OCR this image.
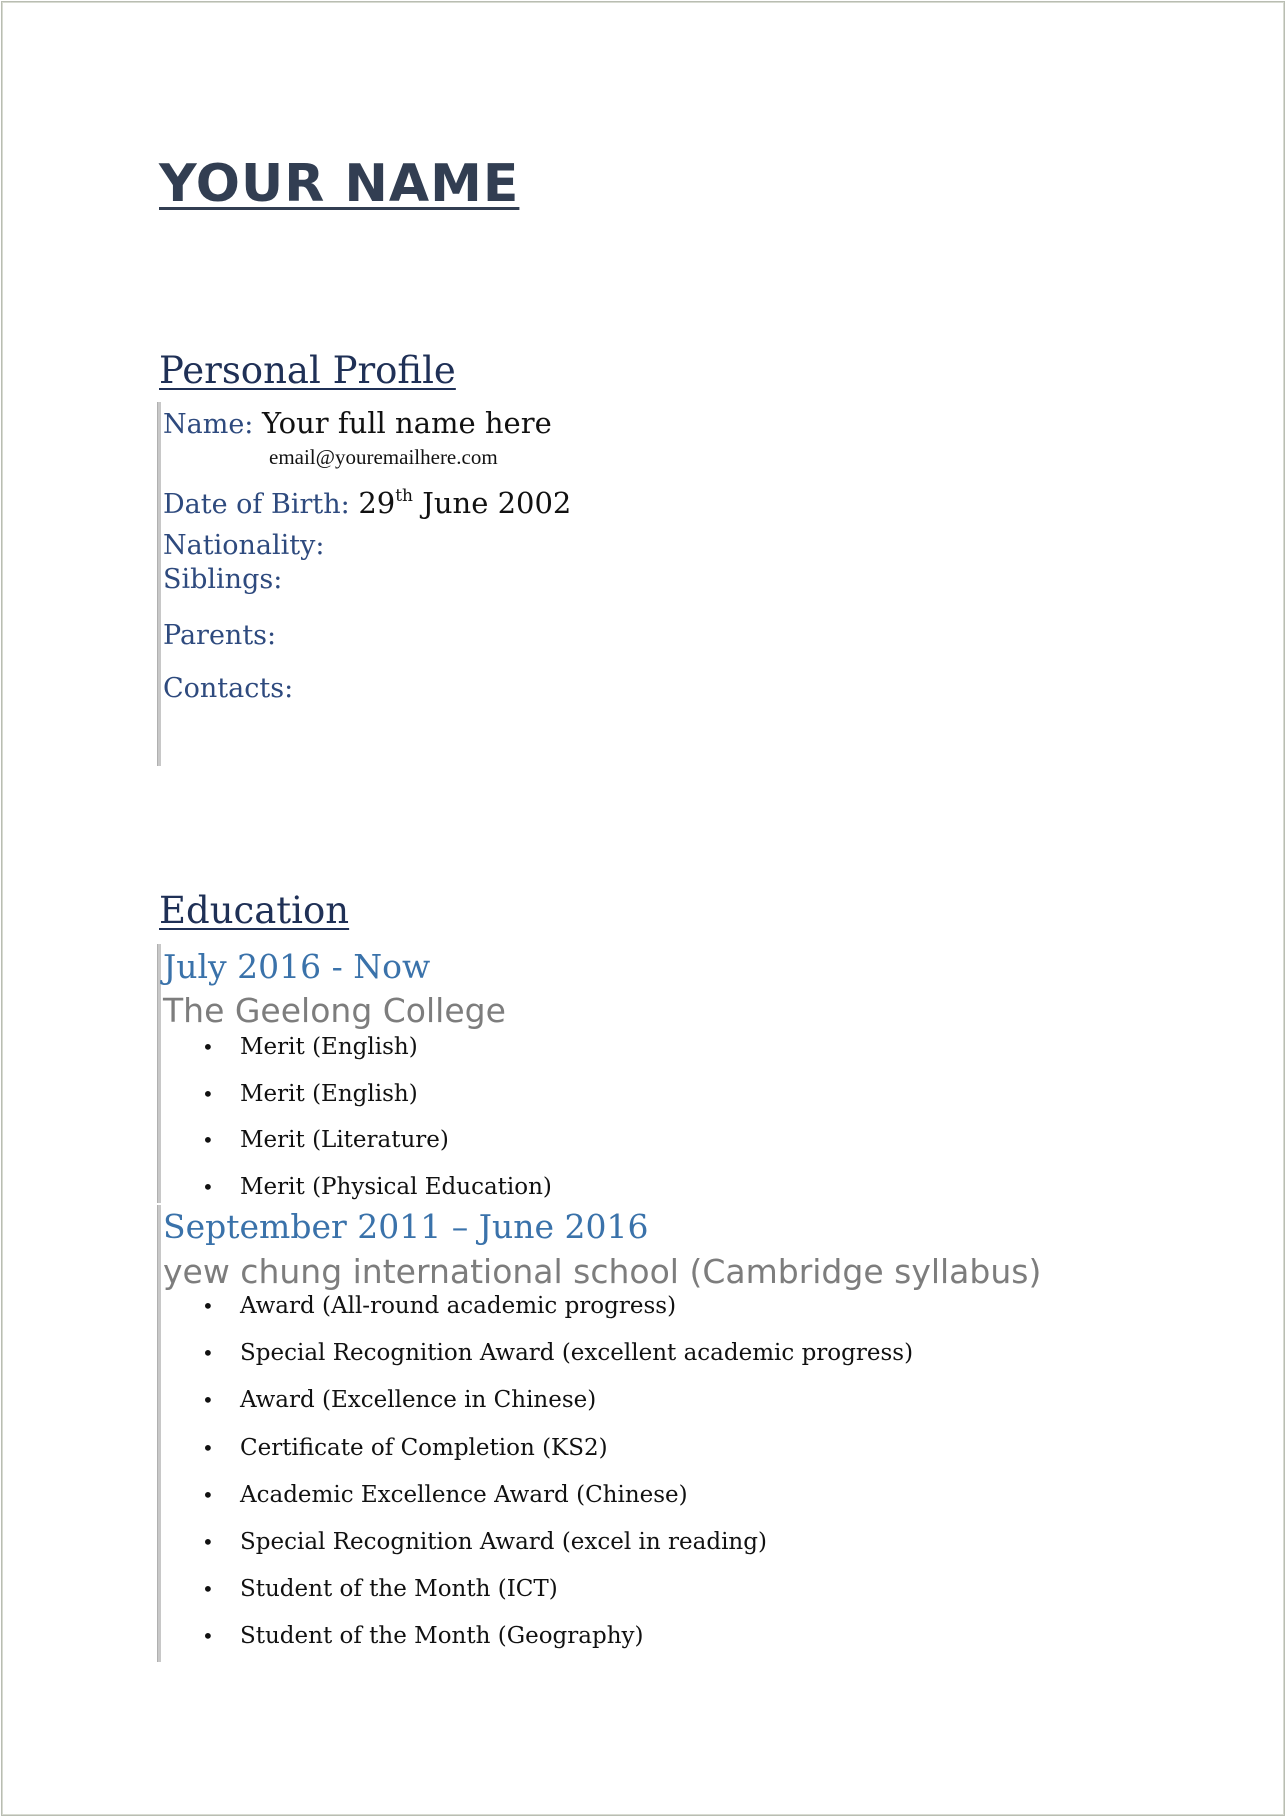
YOUR NAME
Personal Profile
Name: Your full name here
email@youremailhere.com
Date of Birth: 29th June 2002
Nationality:
Siblings:
Parents:
Contacts:
Education
July 2016 - Now
The Geelong College
• Merit (English)
• Merit (English)
• Merit (Literature)
• Merit (Physical Education)
September 2011 – June 2016
yew chung international school (Cambridge syllabus)
• Award (All-round academic progress)
• Special Recognition Award (excellent academic progress)
• Award (Excellence in Chinese)
• Certificate of Completion (KS2)
• Academic Excellence Award (Chinese)
• Special Recognition Award (excel in reading)
• Student of the Month (ICT)
• Student of the Month (Geography)
